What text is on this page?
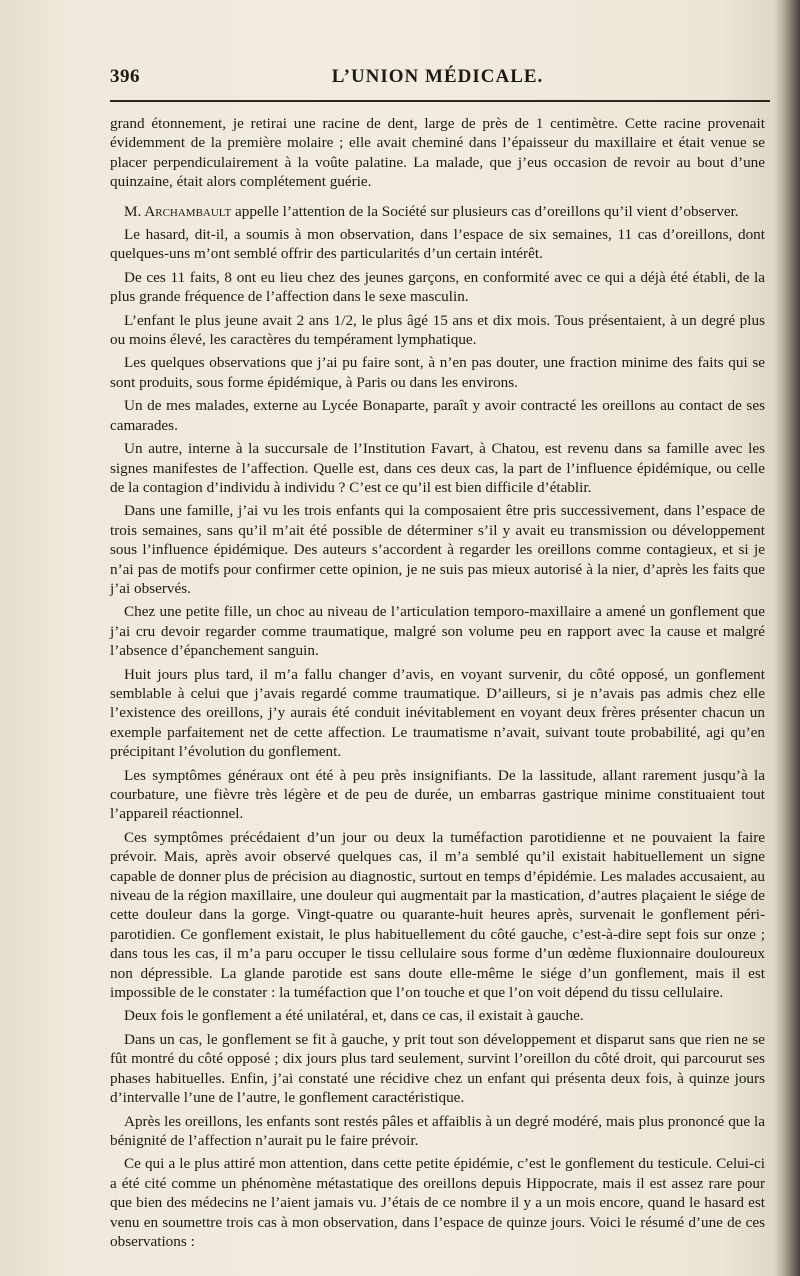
396	L’UNION MÉDICALE.

grand étonnement, je retirai une racine de dent, large de près de 1 centimètre. Cette racine provenait évidemment de la première molaire ; elle avait cheminé dans l’épaisseur du maxillaire et était venue se placer perpendiculairement à la voûte palatine. La malade, que j’eus occasion de revoir au bout d’une quinzaine, était alors complétement guérie.

M. Archambault appelle l’attention de la Société sur plusieurs cas d’oreillons qu’il vient d’observer.

Le hasard, dit-il, a soumis à mon observation, dans l’espace de six semaines, 11 cas d’oreillons, dont quelques-uns m’ont semblé offrir des particularités d’un certain intérêt.

De ces 11 faits, 8 ont eu lieu chez des jeunes garçons, en conformité avec ce qui a déjà été établi, de la plus grande fréquence de l’affection dans le sexe masculin.

L’enfant le plus jeune avait 2 ans 1/2, le plus âgé 15 ans et dix mois. Tous présentaient, à un degré plus ou moins élevé, les caractères du tempérament lymphatique.

Les quelques observations que j’ai pu faire sont, à n’en pas douter, une fraction minime des faits qui se sont produits, sous forme épidémique, à Paris ou dans les environs.

Un de mes malades, externe au Lycée Bonaparte, paraît y avoir contracté les oreillons au contact de ses camarades.

Un autre, interne à la succursale de l’Institution Favart, à Chatou, est revenu dans sa famille avec les signes manifestes de l’affection. Quelle est, dans ces deux cas, la part de l’influence épidémique, ou celle de la contagion d’individu à individu ? C’est ce qu’il est bien difficile d’établir.

Dans une famille, j’ai vu les trois enfants qui la composaient être pris successivement, dans l’espace de trois semaines, sans qu’il m’ait été possible de déterminer s’il y avait eu transmission ou développement sous l’influence épidémique. Des auteurs s’accordent à regarder les oreillons comme contagieux, et si je n’ai pas de motifs pour confirmer cette opinion, je ne suis pas mieux autorisé à la nier, d’après les faits que j’ai observés.

Chez une petite fille, un choc au niveau de l’articulation temporo-maxillaire a amené un gonflement que j’ai cru devoir regarder comme traumatique, malgré son volume peu en rapport avec la cause et malgré l’absence d’épanchement sanguin.

Huit jours plus tard, il m’a fallu changer d’avis, en voyant survenir, du côté opposé, un gonflement semblable à celui que j’avais regardé comme traumatique. D’ailleurs, si je n’avais pas admis chez elle l’existence des oreillons, j’y aurais été conduit inévitablement en voyant deux frères présenter chacun un exemple parfaitement net de cette affection. Le traumatisme n’avait, suivant toute probabilité, agi qu’en précipitant l’évolution du gonflement.

Les symptômes généraux ont été à peu près insignifiants. De la lassitude, allant rarement jusqu’à la courbature, une fièvre très légère et de peu de durée, un embarras gastrique minime constituaient tout l’appareil réactionnel.

Ces symptômes précédaient d’un jour ou deux la tuméfaction parotidienne et ne pouvaient la faire prévoir. Mais, après avoir observé quelques cas, il m’a semblé qu’il existait habituellement un signe capable de donner plus de précision au diagnostic, surtout en temps d’épidémie. Les malades accusaient, au niveau de la région maxillaire, une douleur qui augmentait par la mastication, d’autres plaçaient le siége de cette douleur dans la gorge. Vingt-quatre ou quarante-huit heures après, survenait le gonflement péri-parotidien. Ce gonflement existait, le plus habituellement du côté gauche, c’est-à-dire sept fois sur onze ; dans tous les cas, il m’a paru occuper le tissu cellulaire sous forme d’un œdème fluxionnaire douloureux non dépressible. La glande parotide est sans doute elle-même le siége d’un gonflement, mais il est impossible de le constater : la tuméfaction que l’on touche et que l’on voit dépend du tissu cellulaire.

Deux fois le gonflement a été unilatéral, et, dans ce cas, il existait à gauche.

Dans un cas, le gonflement se fit à gauche, y prit tout son développement et disparut sans que rien ne se fût montré du côté opposé ; dix jours plus tard seulement, survint l’oreillon du côté droit, qui parcourut ses phases habituelles. Enfin, j’ai constaté une récidive chez un enfant qui présenta deux fois, à quinze jours d’intervalle l’une de l’autre, le gonflement caractéristique.

Après les oreillons, les enfants sont restés pâles et affaiblis à un degré modéré, mais plus prononcé que la bénignité de l’affection n’aurait pu le faire prévoir.

Ce qui a le plus attiré mon attention, dans cette petite épidémie, c’est le gonflement du testicule. Celui-ci a été cité comme un phénomène métastatique des oreillons depuis Hippocrate, mais il est assez rare pour que bien des médecins ne l’aient jamais vu. J’étais de ce nombre il y a un mois encore, quand le hasard est venu en soumettre trois cas à mon observation, dans l’espace de quinze jours. Voici le résumé d’une de ces observations :
